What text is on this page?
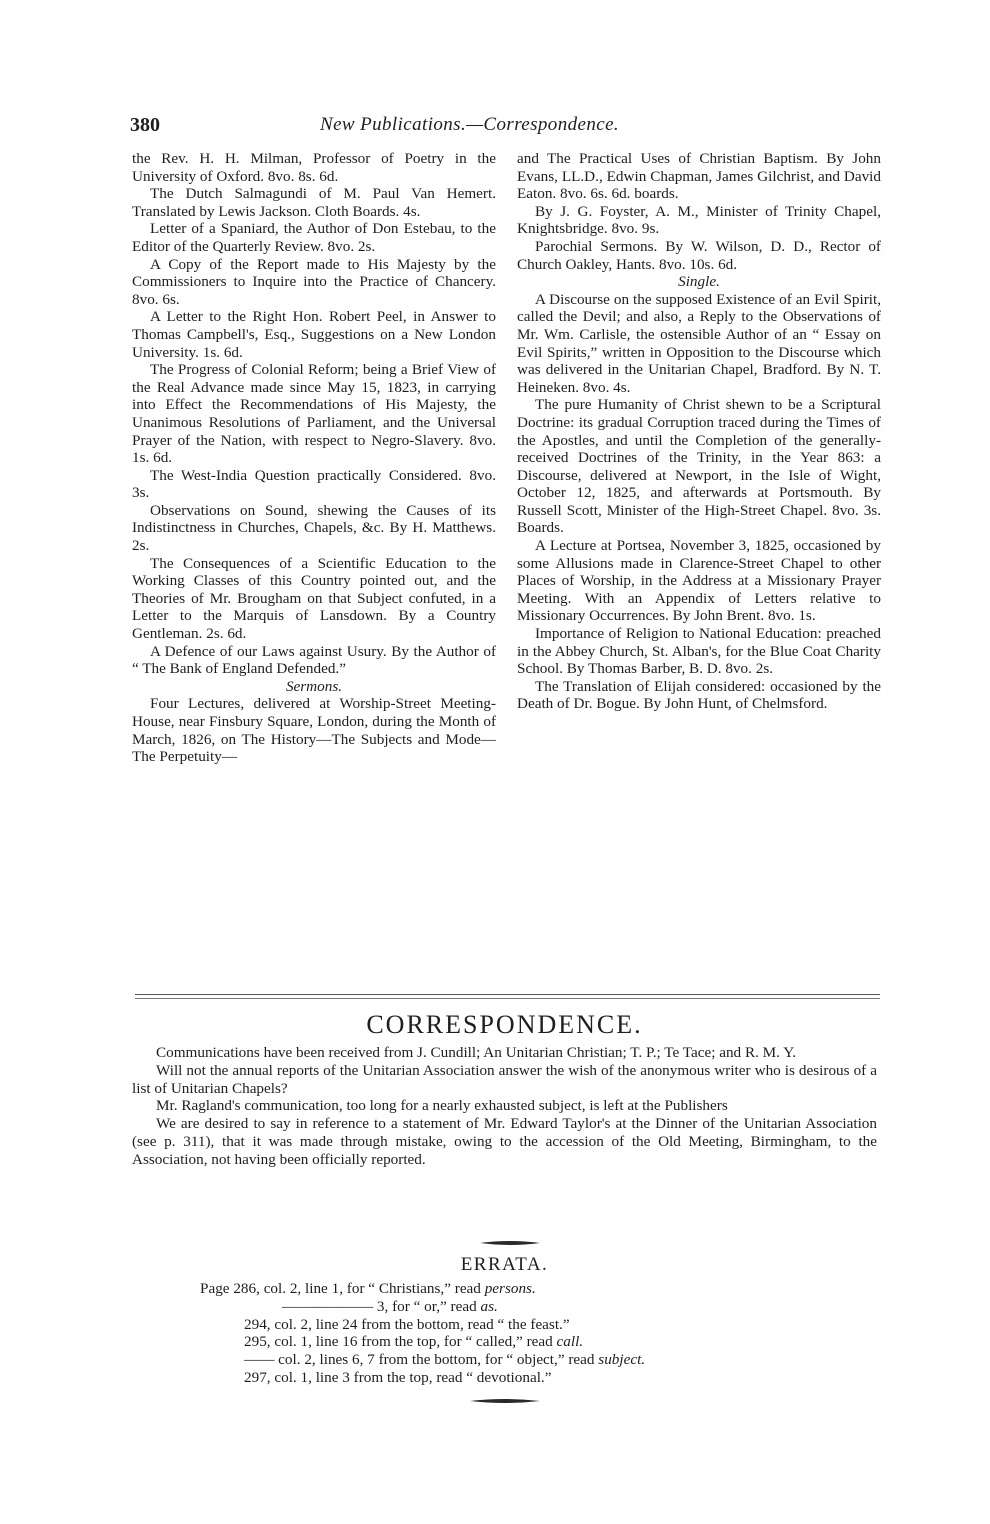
380	New Publications.—Correspondence.

the Rev. H. H. Milman, Professor of Poetry in the University of Oxford. 8vo. 8s. 6d.

The Dutch Salmagundi of M. Paul Van Hemert. Translated by Lewis Jackson. Cloth Boards. 4s.

Letter of a Spaniard, the Author of Don Estebau, to the Editor of the Quarterly Review. 8vo. 2s.

A Copy of the Report made to His Majesty by the Commissioners to Inquire into the Practice of Chancery. 8vo. 6s.

A Letter to the Right Hon. Robert Peel, in Answer to Thomas Campbell's, Esq., Suggestions on a New London University. 1s. 6d.

The Progress of Colonial Reform; being a Brief View of the Real Advance made since May 15, 1823, in carrying into Effect the Recommendations of His Majesty, the Unanimous Resolutions of Parliament, and the Universal Prayer of the Nation, with respect to Negro-Slavery. 8vo. 1s. 6d.

The West-India Question practically Considered. 8vo. 3s.

Observations on Sound, shewing the Causes of its Indistinctness in Churches, Chapels, &c. By H. Matthews. 2s.

The Consequences of a Scientific Education to the Working Classes of this Country pointed out, and the Theories of Mr. Brougham on that Subject confuted, in a Letter to the Marquis of Lansdown. By a Country Gentleman. 2s. 6d.

A Defence of our Laws against Usury. By the Author of “ The Bank of England Defended.”

Sermons.

Four Lectures, delivered at Worship-Street Meeting-House, near Finsbury Square, London, during the Month of March, 1826, on The History—The Subjects and Mode—The Perpetuity—

and The Practical Uses of Christian Baptism. By John Evans, LL.D., Edwin Chapman, James Gilchrist, and David Eaton. 8vo. 6s. 6d. boards.

By J. G. Foyster, A. M., Minister of Trinity Chapel, Knightsbridge. 8vo. 9s.

Parochial Sermons. By W. Wilson, D. D., Rector of Church Oakley, Hants. 8vo. 10s. 6d.

Single.

A Discourse on the supposed Existence of an Evil Spirit, called the Devil; and also, a Reply to the Observations of Mr. Wm. Carlisle, the ostensible Author of an “ Essay on Evil Spirits,” written in Opposition to the Discourse which was delivered in the Unitarian Chapel, Bradford. By N. T. Heineken. 8vo. 4s.

The pure Humanity of Christ shewn to be a Scriptural Doctrine: its gradual Corruption traced during the Times of the Apostles, and until the Completion of the generally-received Doctrines of the Trinity, in the Year 863: a Discourse, delivered at Newport, in the Isle of Wight, October 12, 1825, and afterwards at Portsmouth. By Russell Scott, Minister of the High-Street Chapel. 8vo. 3s. Boards.

A Lecture at Portsea, November 3, 1825, occasioned by some Allusions made in Clarence-Street Chapel to other Places of Worship, in the Address at a Missionary Prayer Meeting. With an Appendix of Letters relative to Missionary Occurrences. By John Brent. 8vo. 1s.

Importance of Religion to National Education: preached in the Abbey Church, St. Alban's, for the Blue Coat Charity School. By Thomas Barber, B. D. 8vo. 2s.

The Translation of Elijah considered: occasioned by the Death of Dr. Bogue. By John Hunt, of Chelmsford.

CORRESPONDENCE.

Communications have been received from J. Cundill; An Unitarian Christian; T. P.; Te Tace; and R. M. Y.

Will not the annual reports of the Unitarian Association answer the wish of the anonymous writer who is desirous of a list of Unitarian Chapels?

Mr. Ragland's communication, too long for a nearly exhausted subject, is left at the Publishers

We are desired to say in reference to a statement of Mr. Edward Taylor's at the Dinner of the Unitarian Association (see p. 311), that it was made through mistake, owing to the accession of the Old Meeting, Birmingham, to the Association, not having been officially reported.

ERRATA.
Page 286, col. 2, line 1, for “ Christians,” read persons.
—————— 3, for “ or,” read as.
294, col. 2, line 24 from the bottom, read “ the feast.”
295, col. 1, line 16 from the top, for “ called,” read call.
—— col. 2, lines 6, 7 from the bottom, for “ object,” read subject.
297, col. 1, line 3 from the top, read “ devotional.”
